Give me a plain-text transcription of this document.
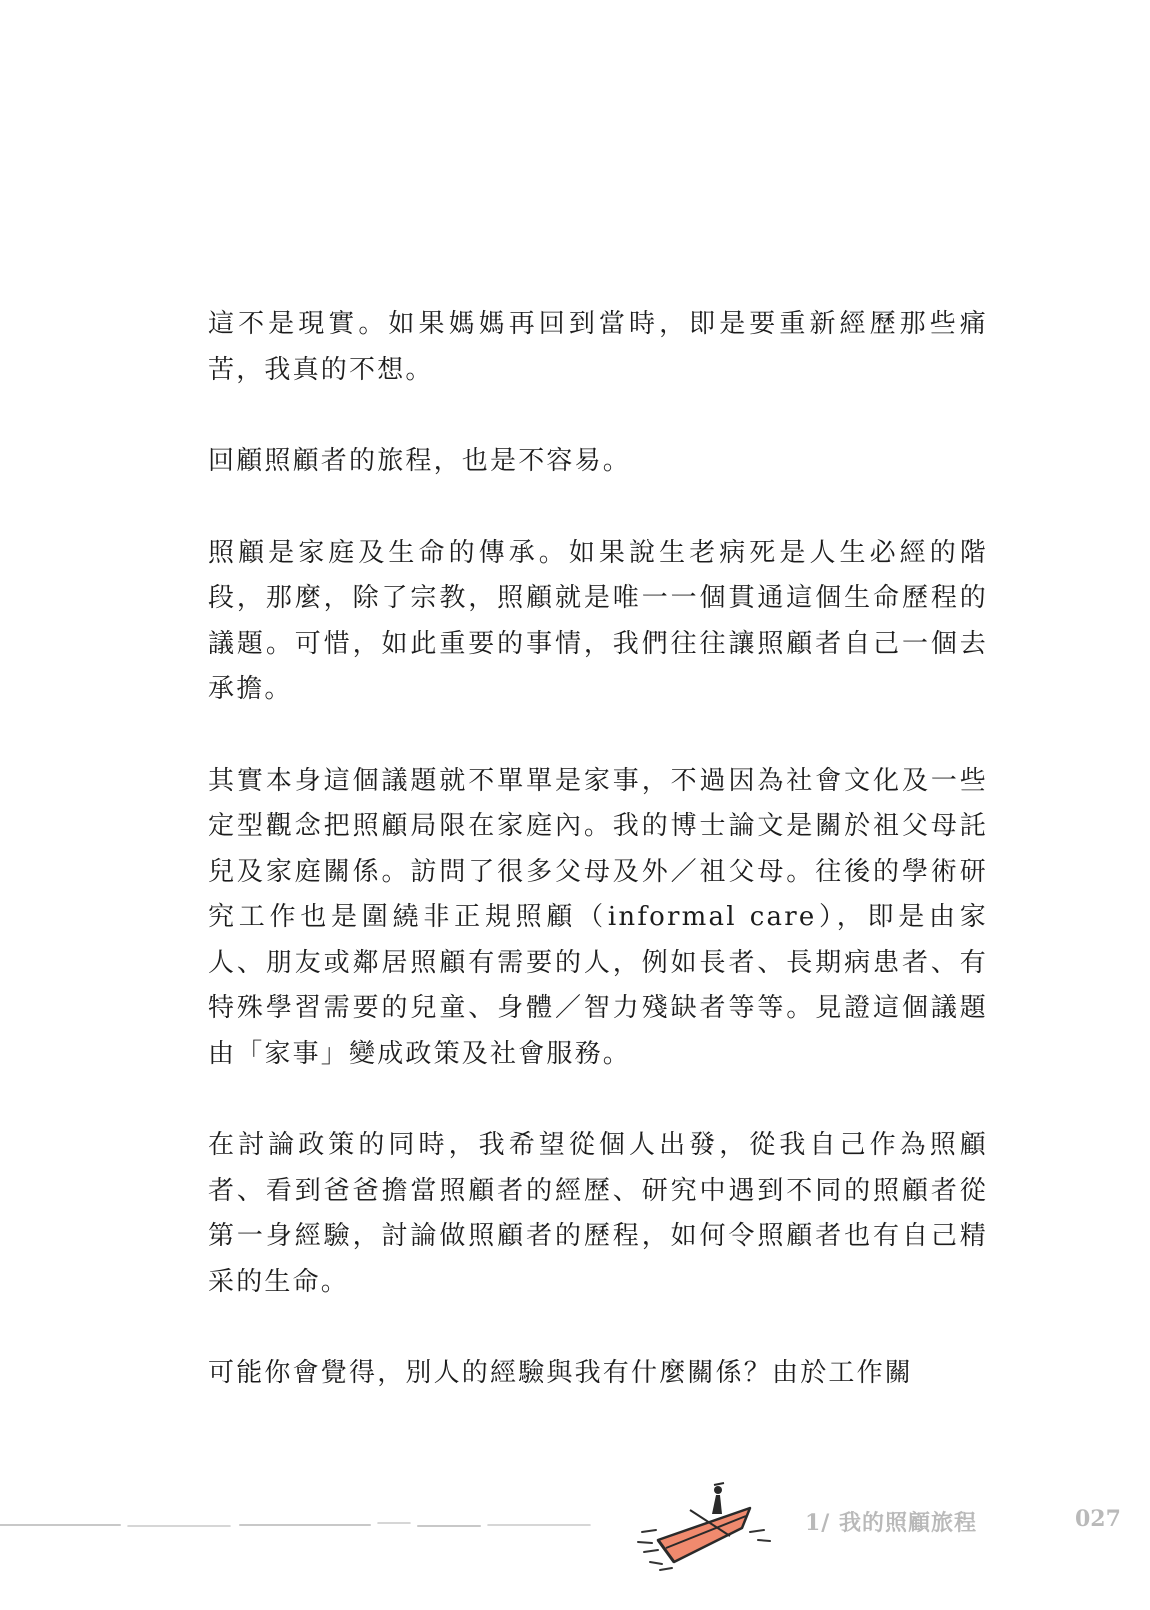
這不是現實。如果媽媽再回到當時，即是要重新經歷那些痛苦，我真的不想。

回顧照顧者的旅程，也是不容易。

照顧是家庭及生命的傳承。如果說生老病死是人生必經的階段，那麼，除了宗教，照顧就是唯一一個貫通這個生命歷程的議題。可惜，如此重要的事情，我們往往讓照顧者自己一個去承擔。

其實本身這個議題就不單單是家事，不過因為社會文化及一些定型觀念把照顧局限在家庭內。我的博士論文是關於祖父母託兒及家庭關係。訪問了很多父母及外／祖父母。往後的學術研究工作也是圍繞非正規照顧（informal care），即是由家人、朋友或鄰居照顧有需要的人，例如長者、長期病患者、有特殊學習需要的兒童、身體／智力殘缺者等等。見證這個議題由「家事」變成政策及社會服務。

在討論政策的同時，我希望從個人出發，從我自己作為照顧者、看到爸爸擔當照顧者的經歷、研究中遇到不同的照顧者從第一身經驗，討論做照顧者的歷程，如何令照顧者也有自己精采的生命。

可能你會覺得，別人的經驗與我有什麼關係？由於工作關

1/ 我的照顧旅程	027
